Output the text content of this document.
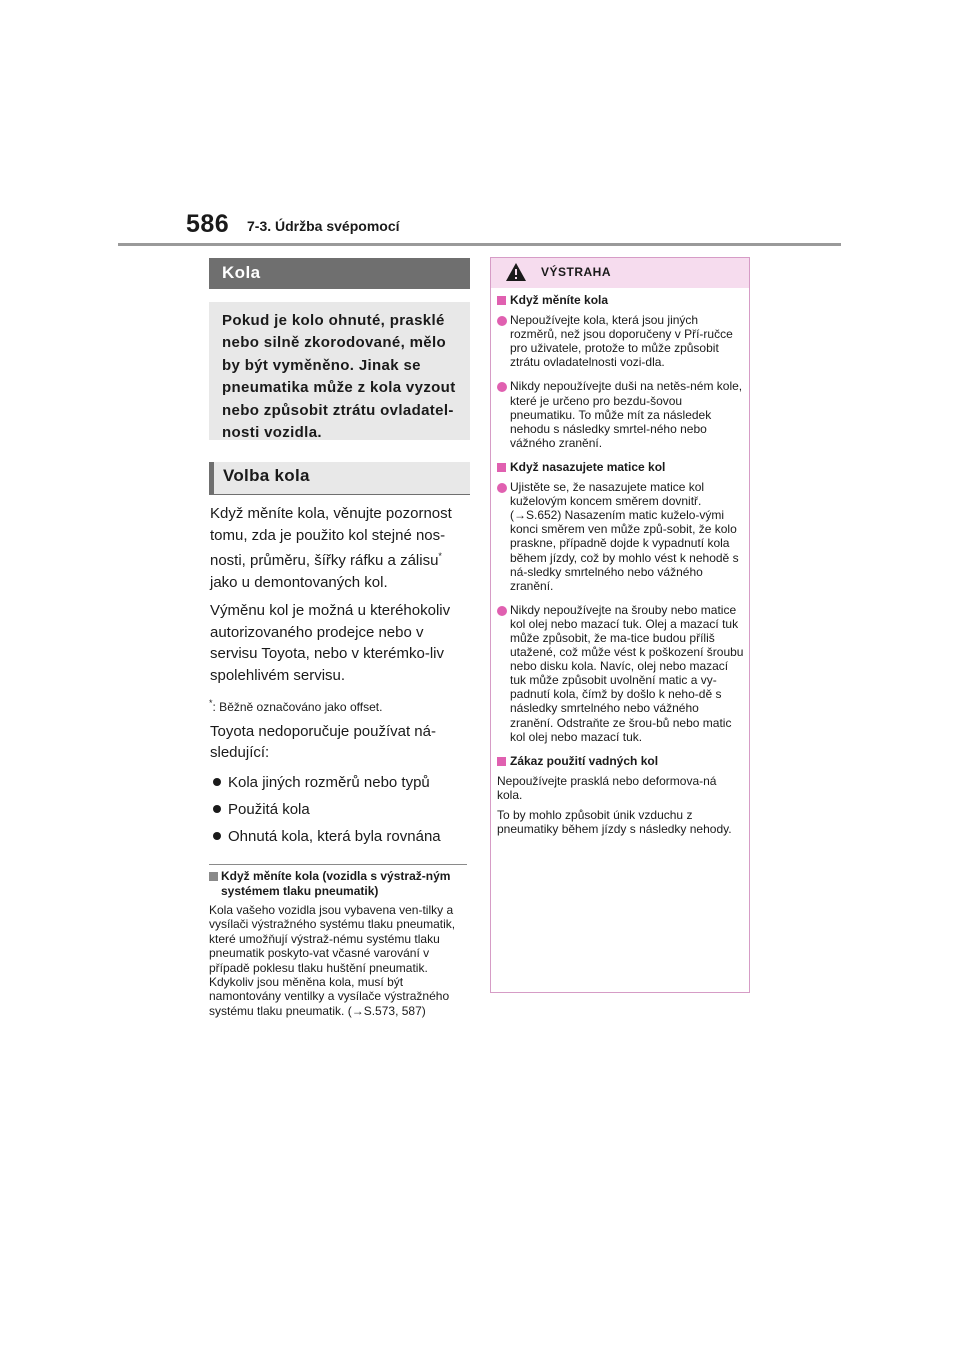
586 7-3. Údržba svépomocí
Kola
Pokud je kolo ohnuté, prasklé nebo silně zkorodované, mělo by být vyměněno. Jinak se pneumatika může z kola vyzout nebo způsobit ztrátu ovladatel-nosti vozidla.
Volba kola

Když měníte kola, věnujte pozornost tomu, zda je použito kol stejné nos-nosti, průměru, šířky ráfku a zálisu* jako u demontovaných kol.

Výměnu kol je možná u kteréhokoliv autorizovaného prodejce nebo v servisu Toyota, nebo v kterémko-liv spolehlivém servisu.

*: Běžně označováno jako offset.

Toyota nedoporučuje používat ná-sledující:

Kola jiných rozměrů nebo typů
Použitá kola
Ohnutá kola, která byla rovnána
Když měníte kola (vozidla s výstraž-ným systémem tlaku pneumatik)
Kola vašeho vozidla jsou vybavena ven-tilky a vysílači výstražného systému tlaku pneumatik, které umožňují výstraž-nému systému tlaku pneumatik poskyto-vat včasné varování v případě poklesu tlaku huštění pneumatik. Kdykoliv jsou měněna kola, musí být namontovány ventilky a vysílače výstražného systému tlaku pneumatik. (→S.573, 587)
VÝSTRAHA
Když měníte kola
Nepoužívejte kola, která jsou jiných rozměrů, než jsou doporučeny v Pří-ručce pro uživatele, protože to může způsobit ztrátu ovladatelnosti vozi-dla.
Nikdy nepoužívejte duši na netěs-ném kole, které je určeno pro bezdu-šovou pneumatiku. To může mít za následek nehodu s následky smrtel-ného nebo vážného zranění.
Když nasazujete matice kol
Ujistěte se, že nasazujete matice kol kuželovým koncem směrem dovnitř. (→S.652) Nasazením matic kuželo-vými konci směrem ven může způ-sobit, že kolo praskne, případně dojde k vypadnutí kola během jízdy, což by mohlo vést k nehodě s ná-sledky smrtelného nebo vážného zranění.
Nikdy nepoužívejte na šrouby nebo matice kol olej nebo mazací tuk. Olej a mazací tuk může způsobit, že ma-tice budou příliš utažené, což může vést k poškození šroubu nebo disku kola. Navíc, olej nebo mazací tuk může způsobit uvolnění matic a vy-padnutí kola, čímž by došlo k neho-dě s následky smrtelného nebo vážného zranění. Odstraňte ze šrou-bů nebo matic kol olej nebo mazací tuk.
Zákaz použití vadných kol
Nepoužívejte prasklá nebo deformova-ná kola.
To by mohlo způsobit únik vzduchu z pneumatiky během jízdy s následky nehody.
